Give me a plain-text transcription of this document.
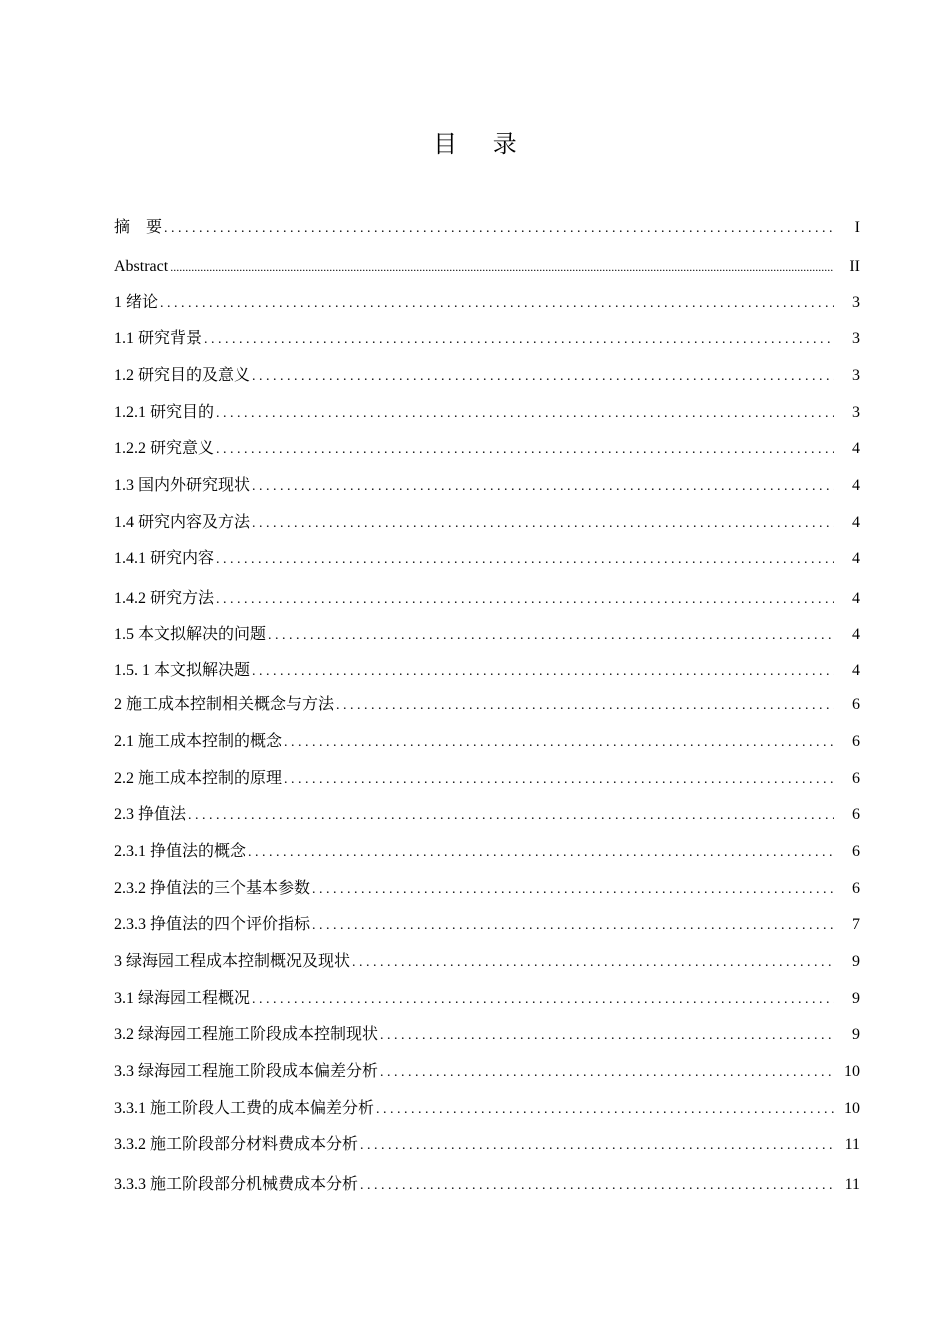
目 录
摘　要 . . .	I
Abstract .....	II
1 绪论 . . .	3
1.1 研究背景 . . .	3
1.2 研究目的及意义 . . .	3
1.2.1 研究目的 . . .	3
1.2.2 研究意义 . . .	4
1.3 国内外研究现状 . . .	4
1.4 研究内容及方法 . . .	4
1.4.1 研究内容 . . .	4
1.4.2 研究方法 . . .	4
1.5 本文拟解决的问题 . . .	4
1.5. 1 本文拟解决题 . . .	4
2 施工成本控制相关概念与方法 . . .	6
2.1 施工成本控制的概念 . . .	6
2.2 施工成本控制的原理 . . .	6
2.3 挣值法 . . .	6
2.3.1 挣值法的概念 . . .	6
2.3.2 挣值法的三个基本参数 . . .	6
2.3.3 挣值法的四个评价指标 . . .	7
3 绿海园工程成本控制概况及现状 . . .	9
3.1 绿海园工程概况 . . .	9
3.2 绿海园工程施工阶段成本控制现状 . . .	9
3.3 绿海园工程施工阶段成本偏差分析 . . .	10
3.3.1 施工阶段人工费的成本偏差分析 . . .	10
3.3.2 施工阶段部分材料费成本分析 . . .	11
3.3.3 施工阶段部分机械费成本分析 . . .	11
